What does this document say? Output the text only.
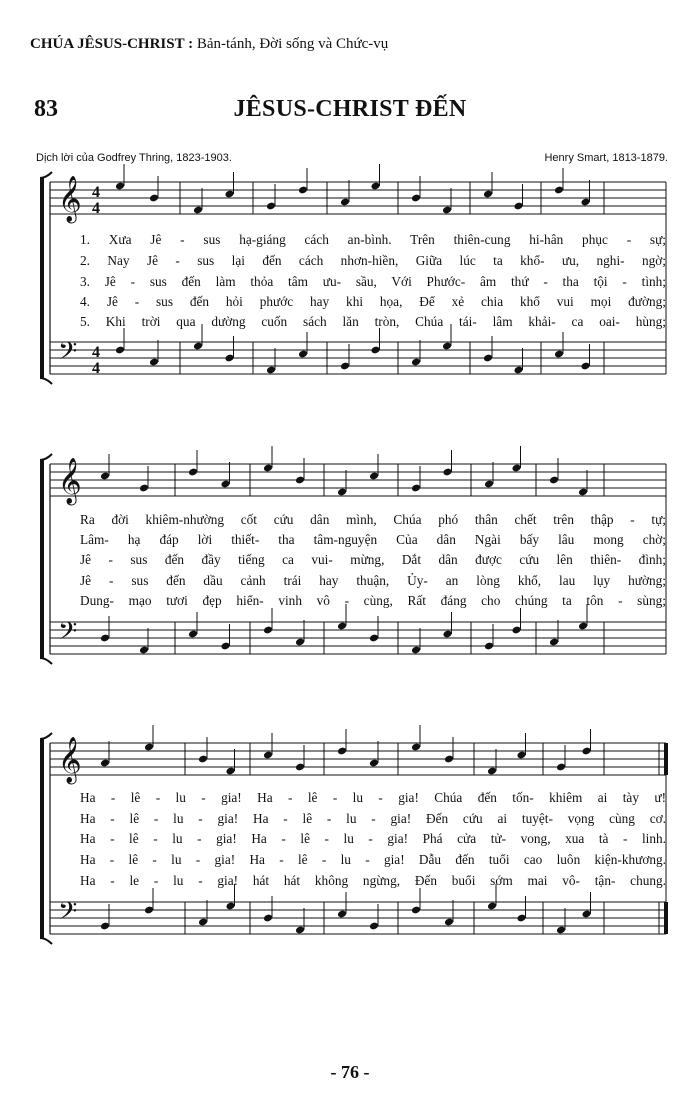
CHÚA JÊSUS-CHRIST : Bản-tánh, Đời sống và Chức-vụ
83	JÊSUS-CHRIST ĐẾN
Dịch lời của Godfrey Thring, 1823-1903.	Henry Smart, 1813-1879.
𝄞 4
4
𝄢 4
4
𝄞
𝄢
𝄞
𝄢
1. Xưa Jê - sus hạ-giáng cách an-bình. Trên thiên-cung hi-hân phục - sự;
2. Nay Jê - sus lại đến cách nhơn-hiền, Giữa lúc ta khổ- ưu, nghi- ngờ;
3. Jê - sus đến làm thỏa tâm ưu- sầu, Với Phước- âm thứ - tha tội - tình;
4. Jê - sus đến hỏi phước hay khi họa, Để xẻ chia khổ vui mọi đường;
5. Khi trời qua dường cuốn sách lăn tròn, Chúa tái- lâm khải- ca oai- hùng;
Ra đời khiêm-nhường cốt cứu dân mình, Chúa phó thân chết trên thập - tự;
Lâm- hạ đáp lời thiết- tha tâm-nguyện Của dân Ngài bấy lâu mong chờ;
Jê - sus đến đầy tiếng ca vui- mừng, Dắt dân được cứu lên thiên- đình;
Jê - sus đến dầu cảnh trái hay thuận, Ủy- an lòng khổ, lau lụy hường;
Dung- mạo tươi đẹp hiển- vinh vô - cùng, Rất đáng cho chúng ta tôn - sùng;
Ha - lê - lu - gia! Ha - lê - lu - gia! Chúa đến tốn- khiêm ai tày ư!
Ha - lê - lu - gia! Ha - lê - lu - gia! Đến cứu ai tuyệt- vọng cùng cơ.
Ha - lê - lu - gia! Ha - lê - lu - gia! Phá cửa tử- vong, xua tà - linh.
Ha - lê - lu - gia! Ha - lê - lu - gia! Dẫu đến tuổi cao luôn kiện-khương.
Ha - le - lu - gia! hát hát không ngừng, Đến buổi sớm mai vô- tận- chung.
- 76 -
